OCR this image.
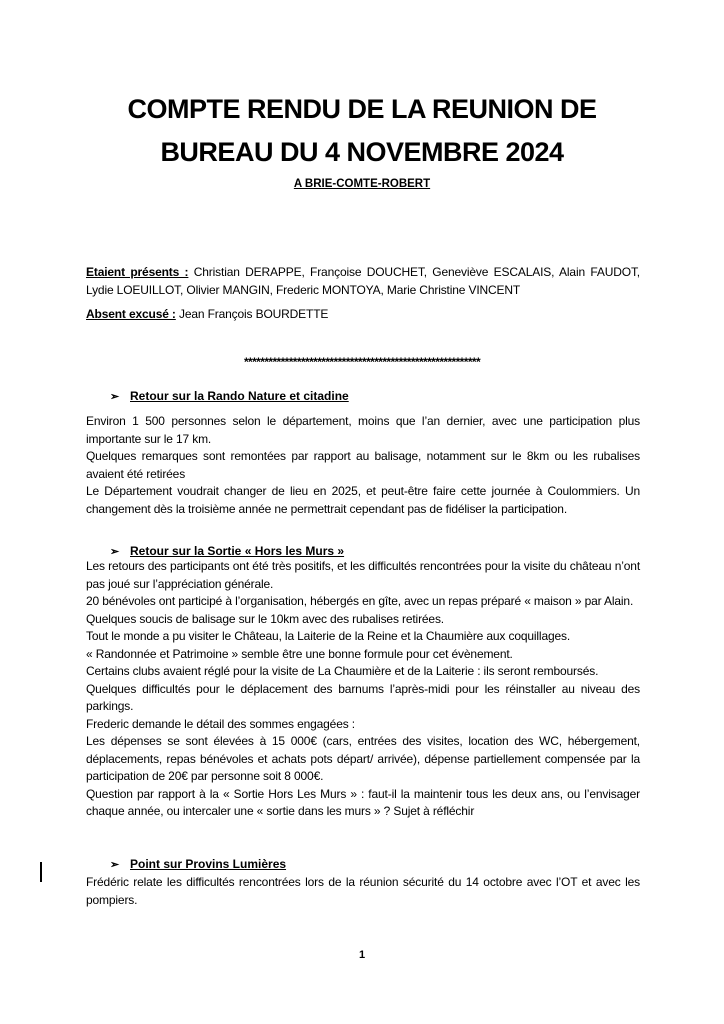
COMPTE RENDU DE LA REUNION DE
BUREAU DU 4 NOVEMBRE 2024
A BRIE-COMTE-ROBERT
Etaient présents : Christian DERAPPE, Françoise DOUCHET, Geneviève ESCALAIS, Alain FAUDOT, Lydie LOEUILLOT, Olivier MANGIN, Frederic MONTOYA, Marie Christine VINCENT
Absent excusé : Jean François BOURDETTE
**********************************************************
➢ Retour sur la Rando Nature et citadine
Environ 1 500 personnes selon le département, moins que l’an dernier, avec une participation plus importante sur le 17 km.
Quelques remarques sont remontées par rapport au balisage, notamment sur le 8km ou les rubalises avaient été retirées
Le Département voudrait changer de lieu en 2025, et peut-être faire cette journée à Coulommiers. Un changement dès la troisième année ne permettrait cependant pas de fidéliser la participation.
➢ Retour sur la Sortie « Hors les Murs »
Les retours des participants ont été très positifs, et les difficultés rencontrées pour la visite du château n’ont pas joué sur l’appréciation générale.
20 bénévoles ont participé à l’organisation, hébergés en gîte, avec un repas préparé « maison » par Alain.
Quelques soucis de balisage sur le 10km avec des rubalises retirées.
Tout le monde a pu visiter le Château, la Laiterie de la Reine et la Chaumière aux coquillages.
« Randonnée et Patrimoine » semble être une bonne formule pour cet évènement.
Certains clubs avaient réglé pour la visite de La Chaumière et de la Laiterie : ils seront remboursés.
Quelques difficultés pour le déplacement des barnums l’après-midi pour les réinstaller au niveau des parkings.
Frederic demande le détail des sommes engagées :
Les dépenses se sont élevées à 15 000€ (cars, entrées des visites, location des WC, hébergement, déplacements, repas bénévoles et achats pots départ/ arrivée), dépense partiellement compensée par la participation de 20€ par personne soit 8 000€.
Question par rapport à la « Sortie Hors Les Murs » : faut-il la maintenir tous les deux ans, ou l’envisager chaque année, ou intercaler une « sortie dans les murs » ? Sujet à réfléchir
➢ Point sur Provins Lumières
Frédéric relate les difficultés rencontrées lors de la réunion sécurité du 14 octobre avec l’OT et avec les pompiers.
1
